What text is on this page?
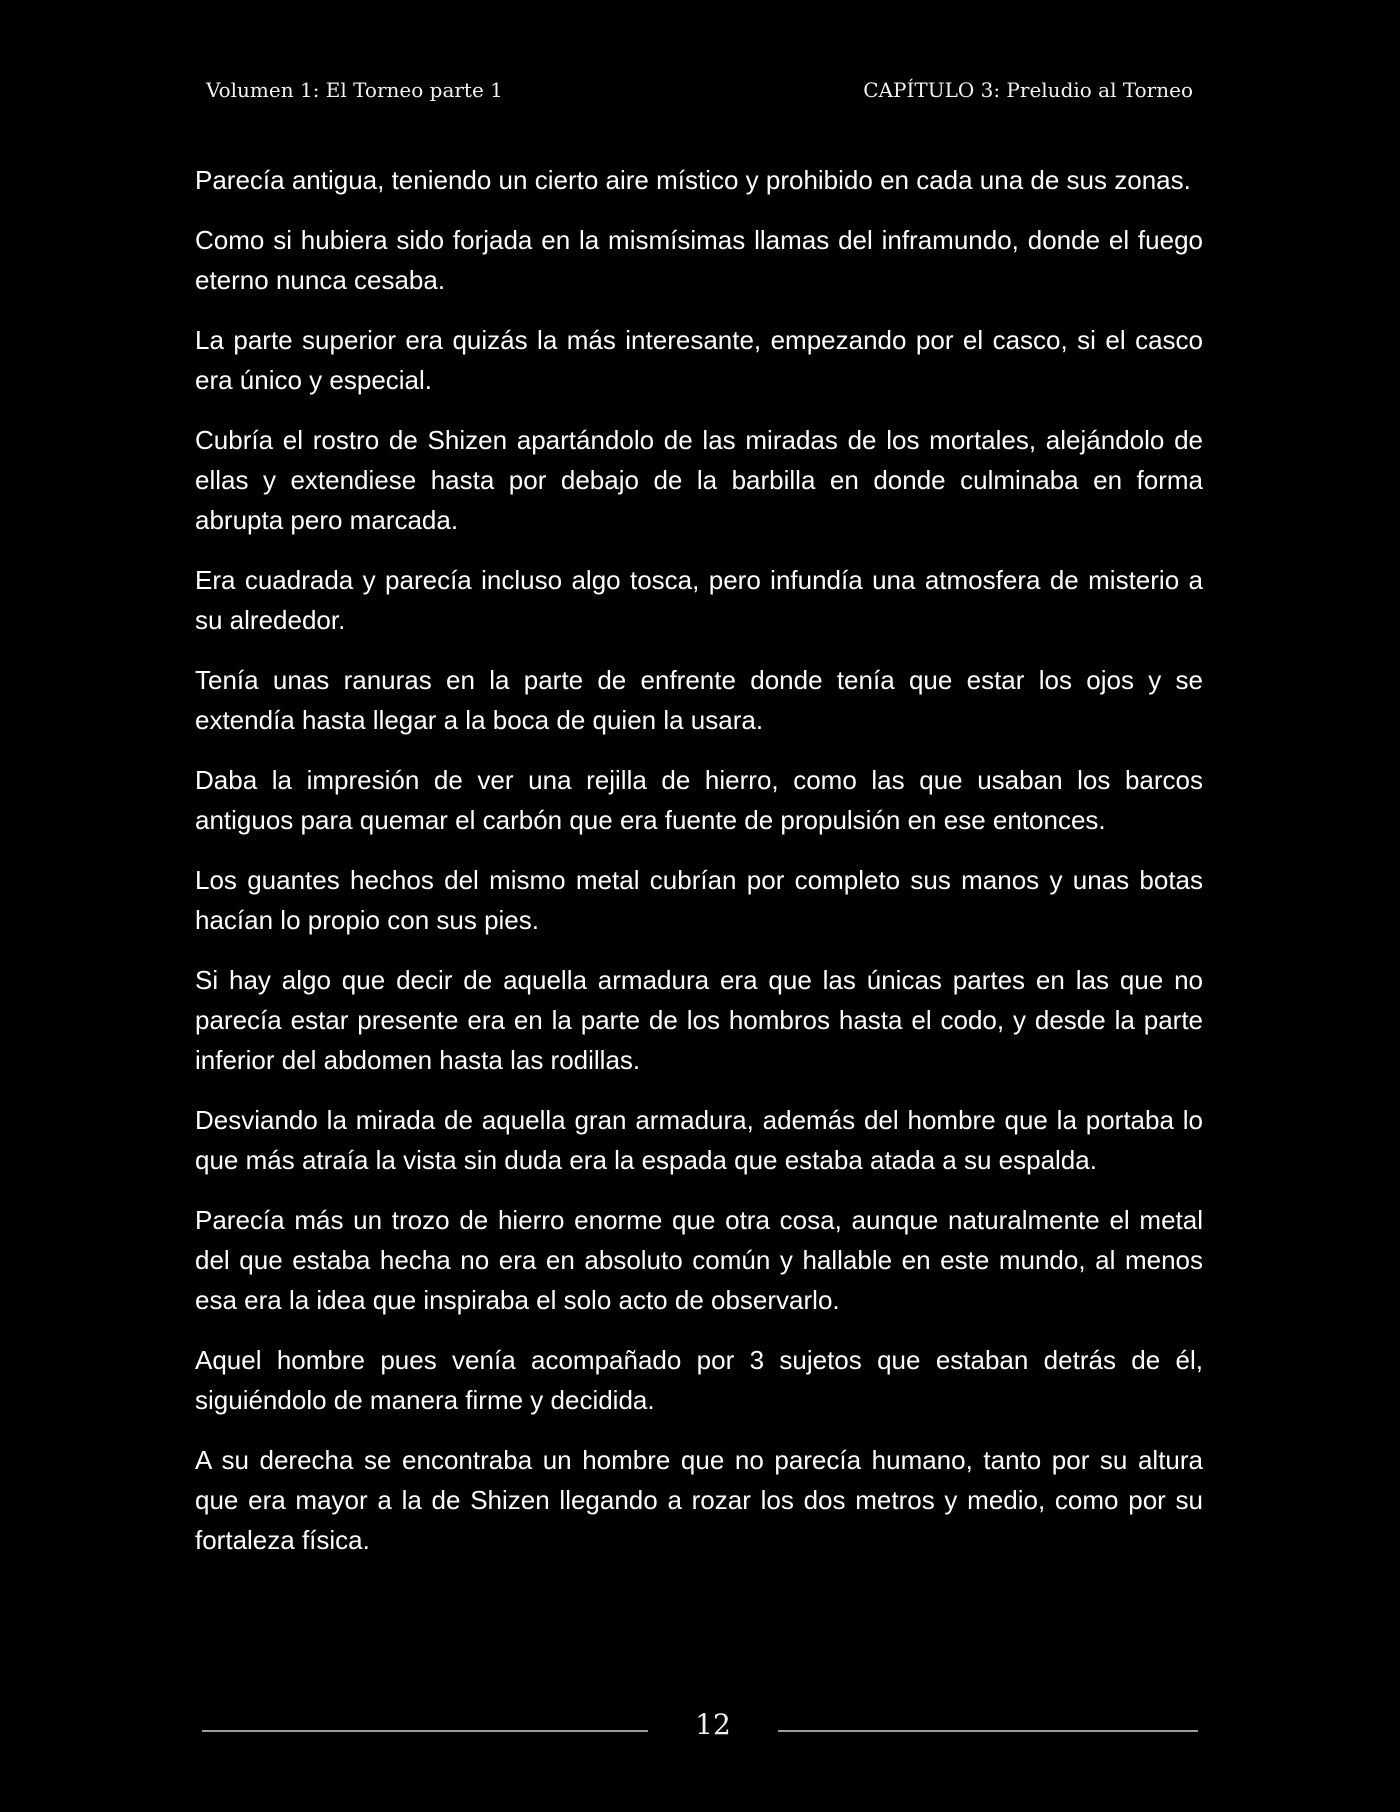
Volumen 1: El Torneo parte 1	CAPÍTULO 3: Preludio al Torneo

Parecía antigua, teniendo un cierto aire místico y prohibido en cada una de sus zonas.

Como si hubiera sido forjada en la mismísimas llamas del inframundo, donde el fuego eterno nunca cesaba.

La parte superior era quizás la más interesante, empezando por el casco, si el casco era único y especial.

Cubría el rostro de Shizen apartándolo de las miradas de los mortales, alejándolo de ellas y extendiese hasta por debajo de la barbilla en donde culminaba en forma abrupta pero marcada.

Era cuadrada y parecía incluso algo tosca, pero infundía una atmosfera de misterio a su alrededor.

Tenía unas ranuras en la parte de enfrente donde tenía que estar los ojos y se extendía hasta llegar a la boca de quien la usara.

Daba la impresión de ver una rejilla de hierro, como las que usaban los barcos antiguos para quemar el carbón que era fuente de propulsión en ese entonces.

Los guantes hechos del mismo metal cubrían por completo sus manos y unas botas hacían lo propio con sus pies.

Si hay algo que decir de aquella armadura era que las únicas partes en las que no parecía estar presente era en la parte de los hombros hasta el codo, y desde la parte inferior del abdomen hasta las rodillas.

Desviando la mirada de aquella gran armadura, además del hombre que la portaba lo que más atraía la vista sin duda era la espada que estaba atada a su espalda.

Parecía más un trozo de hierro enorme que otra cosa, aunque naturalmente el metal del que estaba hecha no era en absoluto común y hallable en este mundo, al menos esa era la idea que inspiraba el solo acto de observarlo.

Aquel hombre pues venía acompañado por 3 sujetos que estaban detrás de él, siguiéndolo de manera firme y decidida.

A su derecha se encontraba un hombre que no parecía humano, tanto por su altura que era mayor a la de Shizen llegando a rozar los dos metros y medio, como por su fortaleza física.

12
